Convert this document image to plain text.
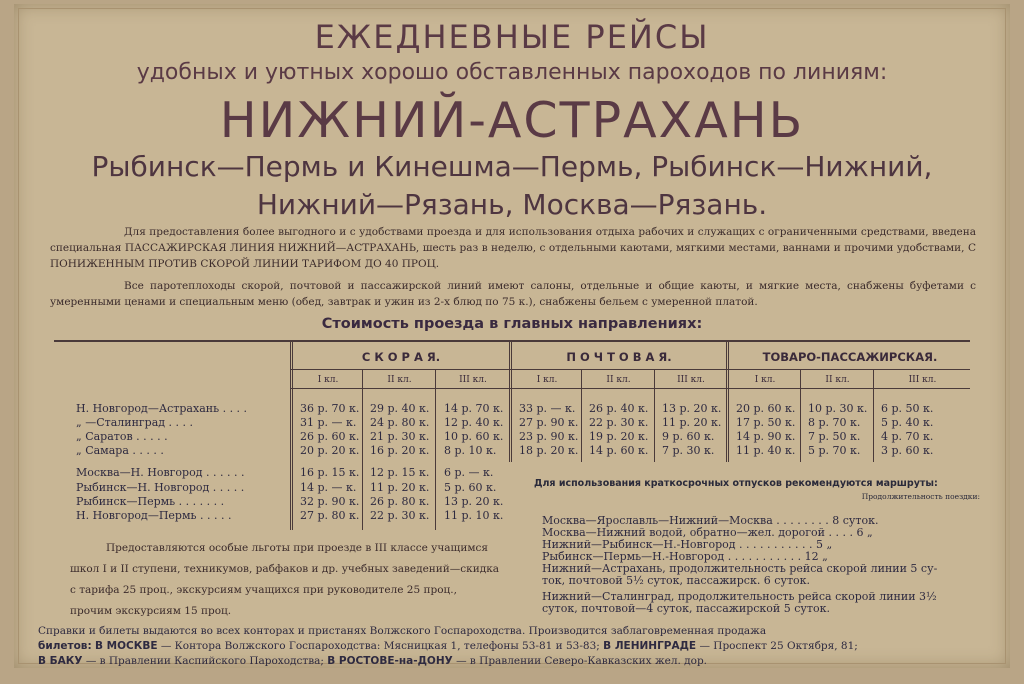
ЕЖЕДНЕВНЫЕ РЕЙСЫ
удобных и уютных хорошо обставленных пароходов по линиям:
НИЖНИЙ-АСТРАХАНЬ
Рыбинск—Пермь и Кинешма—Пермь, Рыбинск—Нижний,
Нижний—Рязань, Москва—Рязань.
Для предоставления более выгодного и с удобствами проезда и для использования отдыха рабочих и служащих с ограниченными средствами, введена специальная ПАССАЖИРСКАЯ ЛИНИЯ НИЖНИЙ—АСТРАХАНЬ, шесть раз в неделю, с отдельными каютами, мягкими местами, ваннами и прочими удобствами, С ПОНИЖЕННЫМ ПРОТИВ СКОРОЙ ЛИНИИ ТАРИФОМ ДО 40 ПРОЦ.
Все паротеплоходы скорой, почтовой и пассажирской линий имеют салоны, отдельные и общие каюты, и мягкие места, снабжены буфетами с умеренными ценами и специальным меню (обед, завтрак и ужин из 2-х блюд по 75 к.), снабжены бельем с умеренной платой.
Стоимость проезда в главных направлениях:
С К О Р А Я.	П О Ч Т О В А Я.	ТОВАРО-ПАССАЖИРСКАЯ.
I кл.	II кл.	III кл.	I кл.	II кл.	III кл.	I кл.	II кл.	III кл.
Н. Новгород—Астрахань . . . .	36 р. 70 к. 29 р. 40 к. 14 р. 70 к. 33 р. — к. 26 р. 40 к. 13 р. 20 к. 20 р. 60 к. 10 р. 30 к. 6 р. 50 к.
„ —Сталинград . . . .	31 р. — к. 24 р. 80 к. 12 р. 40 к. 27 р. 90 к. 22 р. 30 к. 11 р. 20 к. 17 р. 50 к. 8 р. 70 к. 5 р. 40 к.
„ Саратов . . . . .	26 р. 60 к. 21 р. 30 к. 10 р. 60 к. 23 р. 90 к. 19 р. 20 к. 9 р. 60 к. 14 р. 90 к. 7 р. 50 к. 4 р. 70 к.
„ Самара . . . . .	20 р. 20 к. 16 р. 20 к. 8 р. 10 к. 18 р. 20 к. 14 р. 60 к. 7 р. 30 к. 11 р. 40 к. 5 р. 70 к. 3 р. 60 к.
Москва—Н. Новгород . . . . . .	16 р. 15 к. 12 р. 15 к. 6 р. — к.
Рыбинск—Н. Новгород . . . . .	14 р. — к. 11 р. 20 к. 5 р. 60 к.
Рыбинск—Пермь . . . . . . .	32 р. 90 к. 26 р. 80 к. 13 р. 20 к.
Н. Новгород—Пермь . . . . .	27 р. 80 к. 22 р. 30 к. 11 р. 10 к.
Предоставляются особые льготы при проезде в III классе учащимся школ I и II ступени, техникумов, рабфаков и др. учебных заведений—скидка с тарифа 25 проц., экскурсиям учащихся при руководителе 25 проц., прочим экскурсиям 15 проц.
Для использования краткосрочных отпусков рекомендуются маршруты:
Продолжительность поездки:
Москва—Ярославль—Нижний—Москва . . . . . . . . 8 суток.
Москва—Нижний водой, обратно—жел. дорогой . . . . 6 „
Нижний—Рыбинск—Н.-Новгород . . . . . . . . . . . 5 „
Рыбинск—Пермь—Н.-Новгород . . . . . . . . . . . 12 „
Нижний—Астрахань, продолжительность рейса скорой линии 5 су-
ток, почтовой 5½ суток, пассажирск. 6 суток.
Нижний—Сталинград, продолжительность рейса скорой линии 3½
суток, почтовой—4 суток, пассажирской 5 суток.
Справки и билеты выдаются во всех конторах и пристанях Волжского Госпароходства. Производится заблаговременная продажа
билетов: В МОСКВЕ — Контора Волжского Госпароходства: Мясницкая 1, телефоны 53-81 и 53-83; В ЛЕНИНГРАДЕ — Проспект 25 Октября, 81;
В БАКУ — в Правлении Каспийского Пароходства; В РОСТОВЕ-на-ДОНУ — в Правлении Северо-Кавказских жел. дор.
